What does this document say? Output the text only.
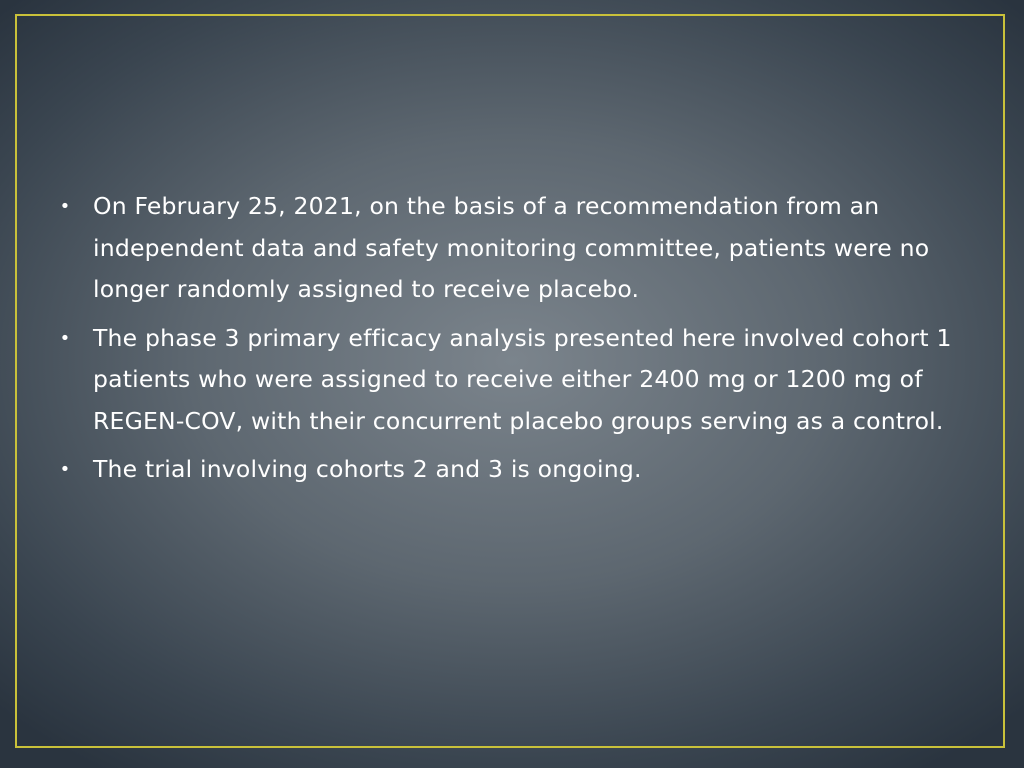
• On February 25, 2021, on the basis of a recommendation from an independent data and safety monitoring committee, patients were no longer randomly assigned to receive placebo.
• The phase 3 primary efficacy analysis presented here involved cohort 1 patients who were assigned to receive either 2400 mg or 1200 mg of REGEN-COV, with their concurrent placebo groups serving as a control.
• The trial involving cohorts 2 and 3 is ongoing.
